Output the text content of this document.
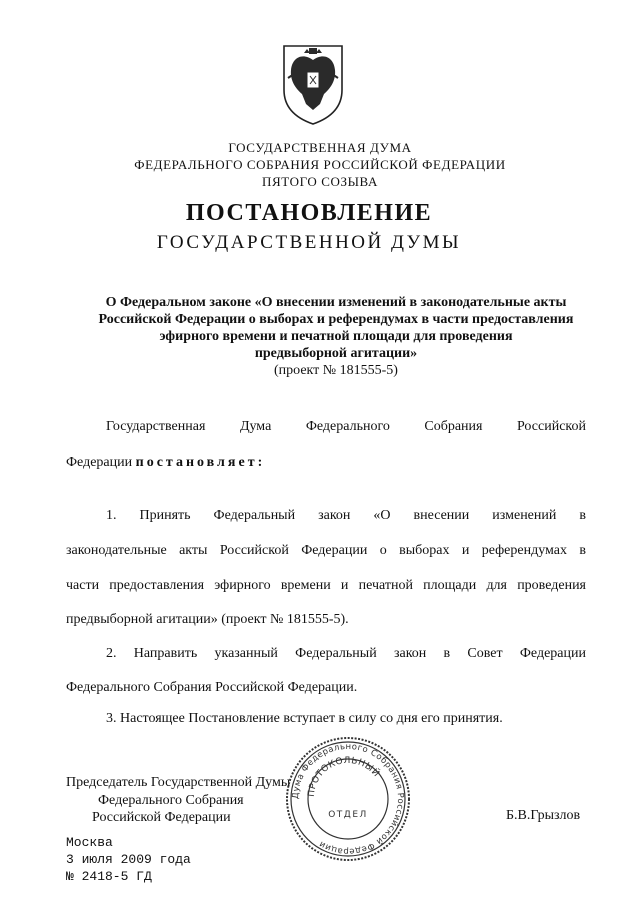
ГОСУДАРСТВЕННАЯ ДУМА
ФЕДЕРАЛЬНОГО СОБРАНИЯ РОССИЙСКОЙ ФЕДЕРАЦИИ
ПЯТОГО СОЗЫВА
ПОСТАНОВЛЕНИЕ
ГОСУДАРСТВЕННОЙ ДУМЫ
О Федеральном законе «О внесении изменений в законодательные акты
Российской Федерации о выборах и референдумах в части предоставления
эфирного времени и печатной площади для проведения
предвыборной агитации»
(проект № 181555-5)
Государственная Дума Федерального Собрания Российской
Федерации постановляет:
1. Принять Федеральный закон «О внесении изменений в
законодательные акты Российской Федерации о выборах и референдумах в
части предоставления эфирного времени и печатной площади для проведения
предвыборной агитации» (проект № 181555-5).
2. Направить указанный Федеральный закон в Совет Федерации
Федерального Собрания Российской Федерации.
3. Настоящее Постановление вступает в силу со дня его принятия.
Председатель Государственной Думы
Федерального Собрания
Российской Федерации	Б.В.Грызлов
Дума Федерального Собрания Российской Федерации
ПРОТОКОЛЬНЫЙ
ОТДЕЛ
Москва
3 июля 2009 года
№ 2418-5 ГД
